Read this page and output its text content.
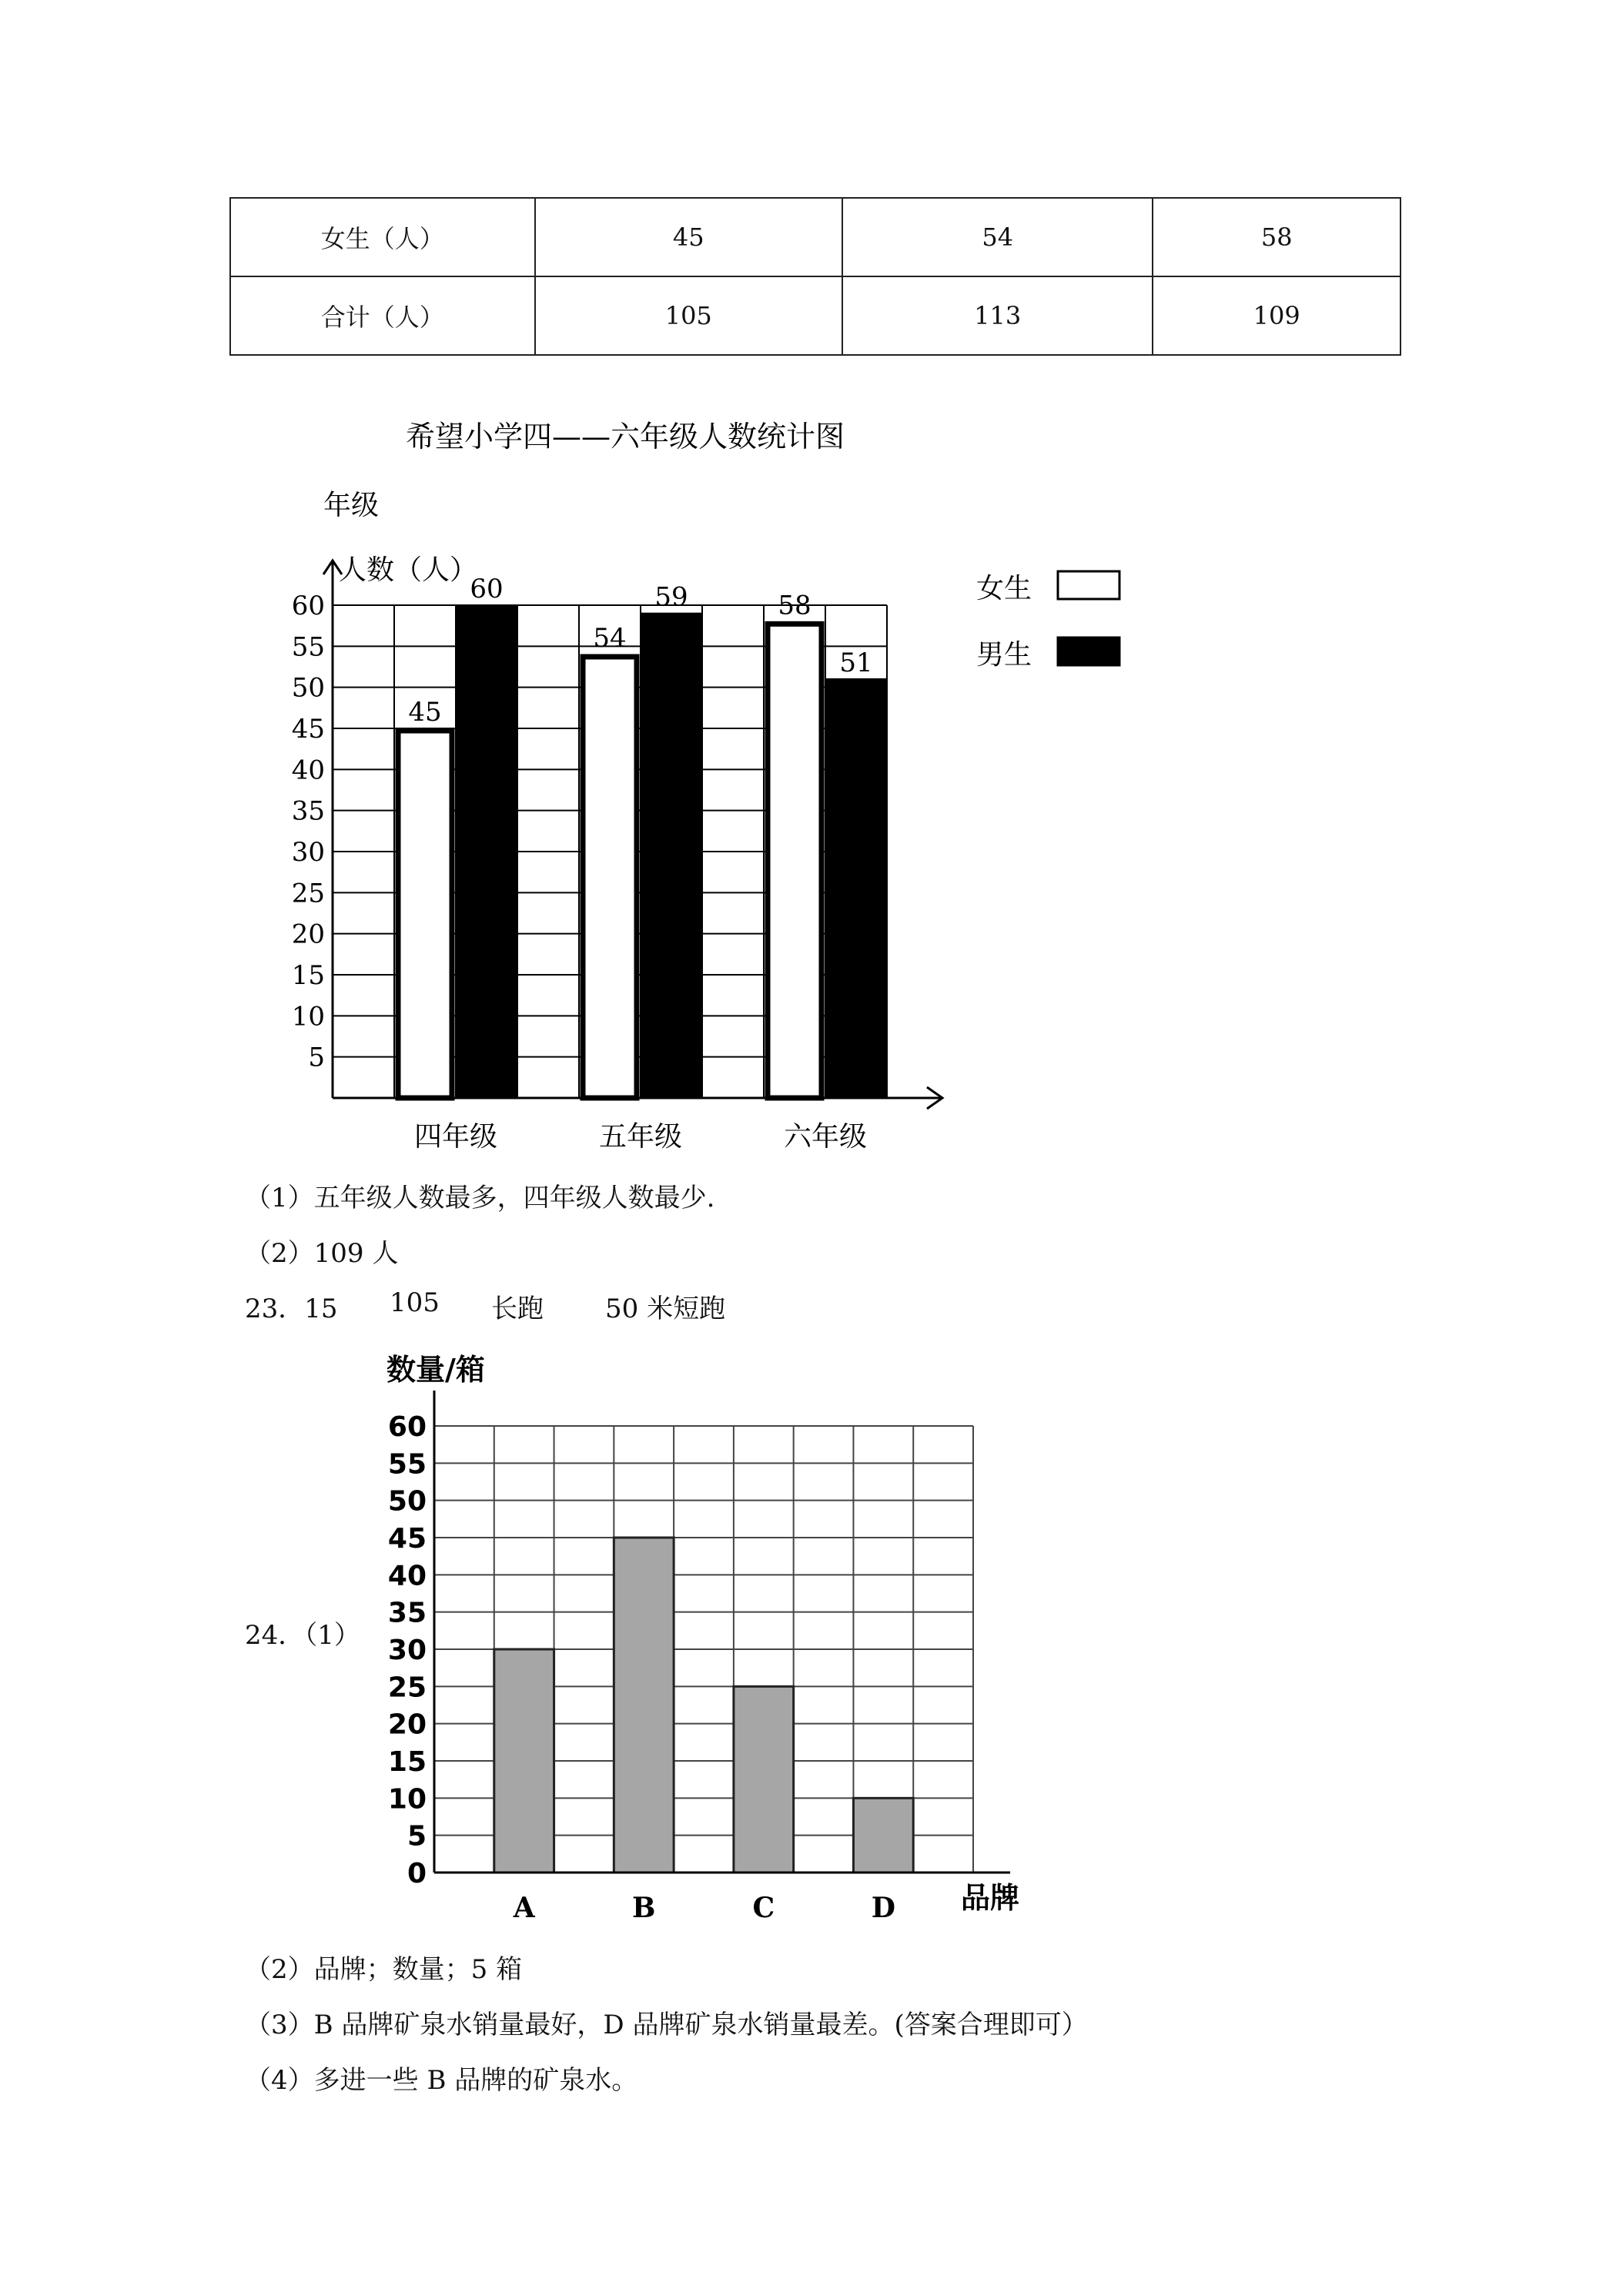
女生（人）	45	54	58
合计（人）	105	113	109
希望小学四——六年级人数统计图
年级
人数（人）
45
60
54
59	58
51
5
10
15
20
25
30
35
40
45
50
55
60
四年级	五年级	六年级
女生
男生
（1）五年级人数最多，四年级人数最少.
（2）109 人
23．15 105 长跑 50 米短跑
24．（1）
数量/箱
品牌
0
5
10
15
20
25
30
35
40
45
50
55
60
A	B	C	D
（2）品牌；数量；5 箱
（3）B 品牌矿泉水销量最好，D 品牌矿泉水销量最差。(答案合理即可）
（4）多进一些 B 品牌的矿泉水。
